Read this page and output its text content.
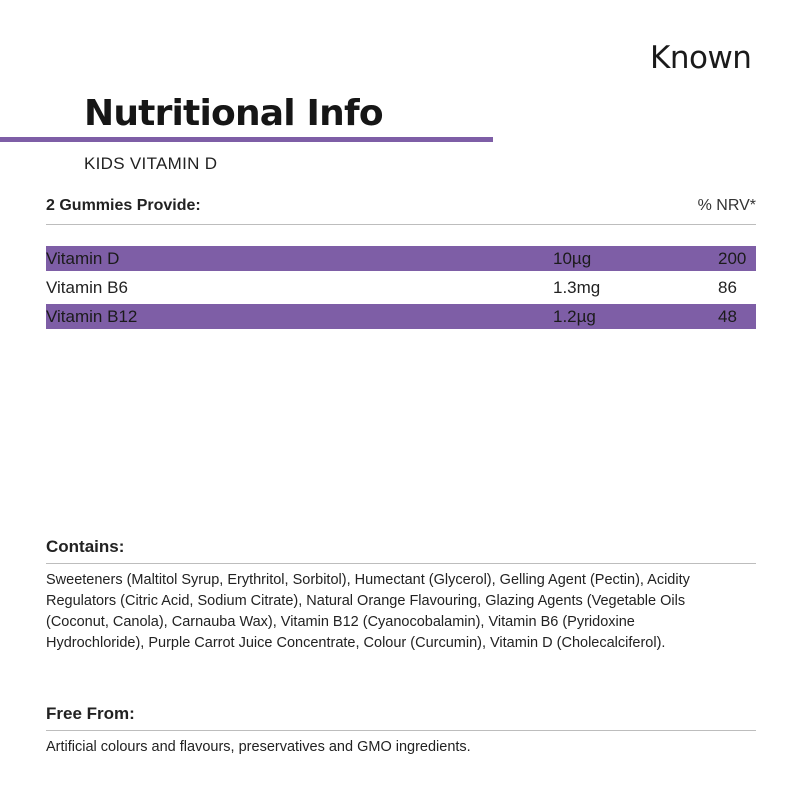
Known
Nutritional Info
KIDS VITAMIN D
2 Gummies Provide:	% NRV*
Vitamin D	10µg	200
Vitamin B6	1.3mg	86
Vitamin B12	1.2µg	48
Contains:
Sweeteners (Maltitol Syrup, Erythritol, Sorbitol), Humectant (Glycerol), Gelling Agent (Pectin), Acidity Regulators (Citric Acid, Sodium Citrate), Natural Orange Flavouring, Glazing Agents (Vegetable Oils (Coconut, Canola), Carnauba Wax), Vitamin B12 (Cyanocobalamin), Vitamin B6 (Pyridoxine Hydrochloride), Purple Carrot Juice Concentrate, Colour (Curcumin), Vitamin D (Cholecalciferol).
Free From:
Artificial colours and flavours, preservatives and GMO ingredients.
